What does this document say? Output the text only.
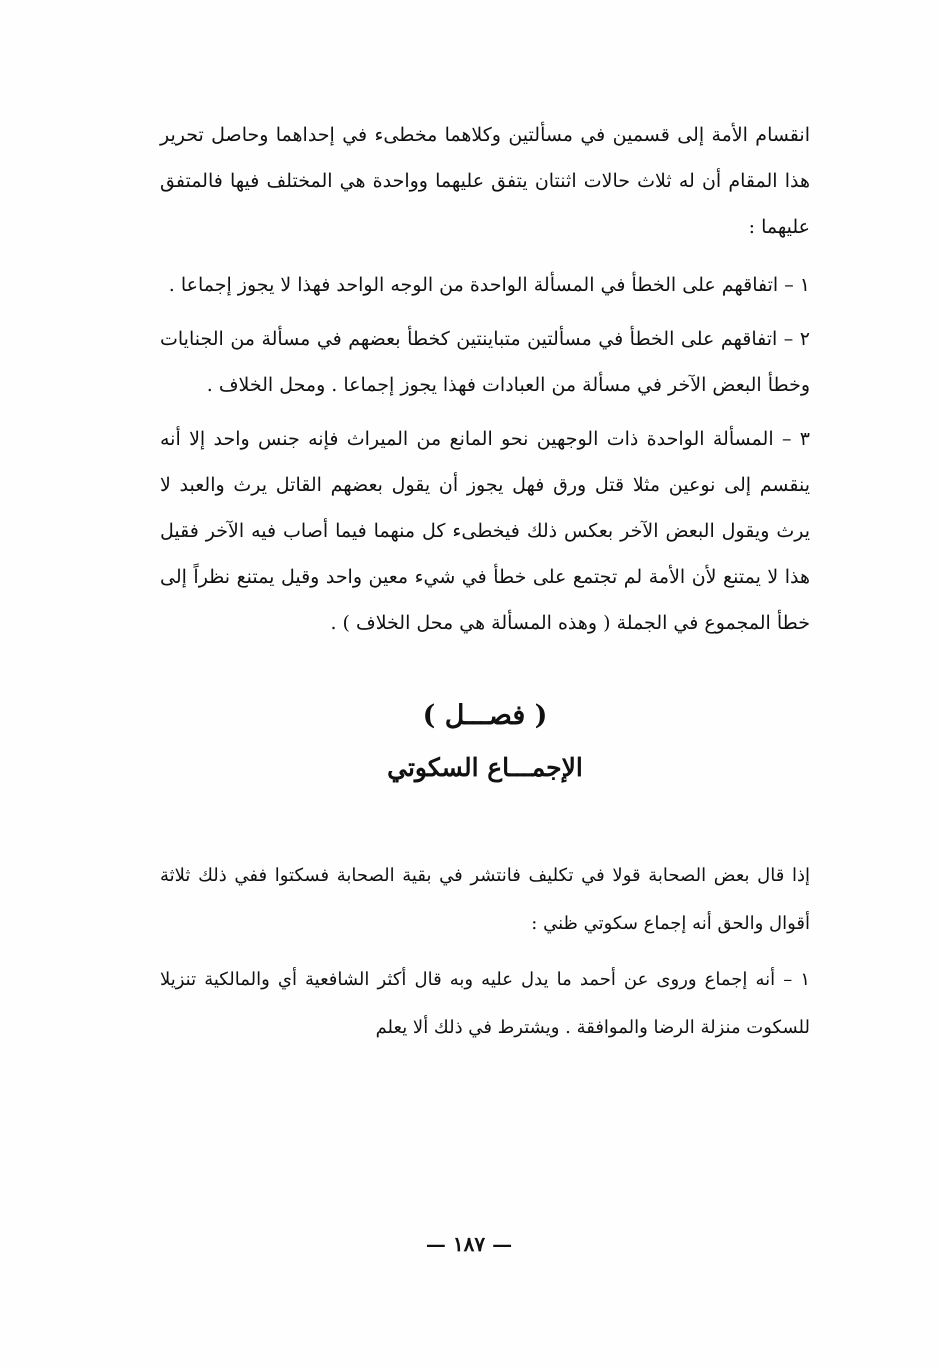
انقسام الأمة إلى قسمين في مسألتين وكلاهما مخطىء في إحداهما وحاصل تحرير هذا المقام أن له ثلاث حالات اثنتان يتفق عليهما وواحدة هي المختلف فيها فالمتفق عليهما :

١ – اتفاقهم على الخطأ في المسألة الواحدة من الوجه الواحد فهذا لا يجوز إجماعا .

٢ – اتفاقهم على الخطأ في مسألتين متباينتين كخطأ بعضهم في مسألة من الجنايات وخطأ البعض الآخر في مسألة من العبادات فهذا يجوز إجماعا . ومحل الخلاف .

٣ – المسألة الواحدة ذات الوجهين نحو المانع من الميراث فإنه جنس واحد إلا أنه ينقسم إلى نوعين مثلا قتل ورق فهل يجوز أن يقول بعضهم القاتل يرث والعبد لا يرث ويقول البعض الآخر بعكس ذلك فيخطىء كل منهما فيما أصاب فيه الآخر فقيل هذا لا يمتنع لأن الأمة لم تجتمع على خطأ في شيء معين واحد وقيل يمتنع نظراً إلى خطأ المجموع في الجملة ( وهذه المسألة هي محل الخلاف ) .

( فصـــل )
الإجمـــاع السكوتي

إذا قال بعض الصحابة قولا في تكليف فانتشر في بقية الصحابة فسكتوا ففي ذلك ثلاثة أقوال والحق أنه إجماع سكوتي ظني :

١ – أنه إجماع وروى عن أحمد ما يدل عليه وبه قال أكثر الشافعية أي والمالكية تنزيلا للسكوت منزلة الرضا والموافقة . ويشترط في ذلك ألا يعلم

— ١٨٧ —
